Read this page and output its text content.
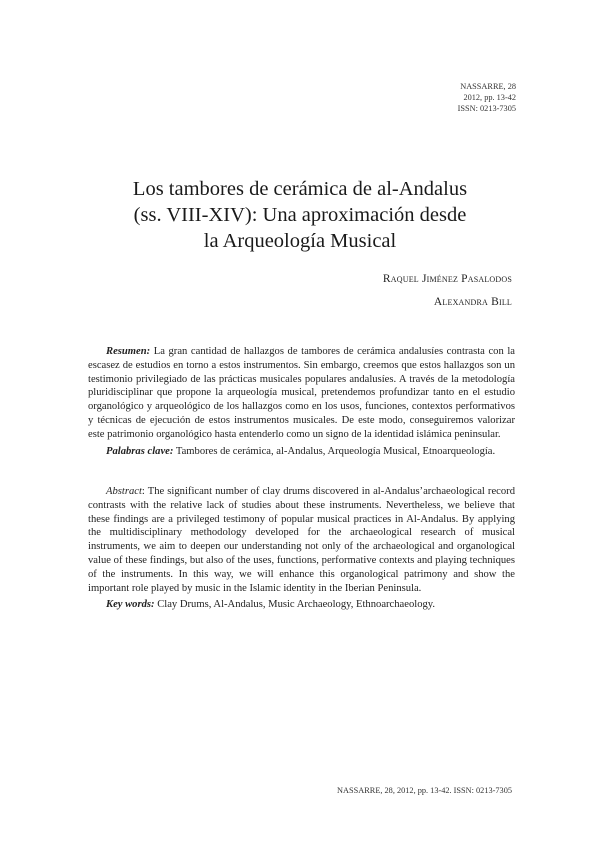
NASSARRE, 28
2012, pp. 13-42
ISSN: 0213-7305
Los tambores de cerámica de al-Andalus
(ss. VIII-XIV): Una aproximación desde
la Arqueología Musical
Raquel Jiménez Pasalodos
Alexandra Bill

Resumen: La gran cantidad de hallazgos de tambores de cerámica andalusíes contrasta con la escasez de estudios en torno a estos instrumentos. Sin embargo, creemos que estos hallazgos son un testimonio privilegiado de las prácticas musicales populares andalusíes. A través de la metodología pluridisciplinar que propone la arqueología musical, pretendemos profundizar tanto en el estudio organológico y arqueológico de los hallazgos como en los usos, funciones, contextos performativos y técnicas de ejecución de estos instrumentos musicales. De este modo, conseguiremos valorizar este patrimonio organológico hasta entenderlo como un signo de la identidad islámica peninsular.

Palabras clave: Tambores de cerámica, al-Andalus, Arqueología Musical, Etnoarqueología.

Abstract: The significant number of clay drums discovered in al-Andalus’archaeological record contrasts with the relative lack of studies about these instruments. Nevertheless, we believe that these findings are a privileged testimony of popular musical practices in Al-Andalus. By applying the multidisciplinary methodology developed for the archaeological research of musical instruments, we aim to deepen our understanding not only of the archaeological and organological value of these findings, but also of the uses, functions, performative contexts and playing techniques of the instruments. In this way, we will enhance this organological patrimony and show the important role played by music in the Islamic identity in the Iberian Peninsula.

Key words: Clay Drums, Al-Andalus, Music Archaeology, Ethnoarchaeology.

NASSARRE, 28, 2012, pp. 13-42. ISSN: 0213-7305
